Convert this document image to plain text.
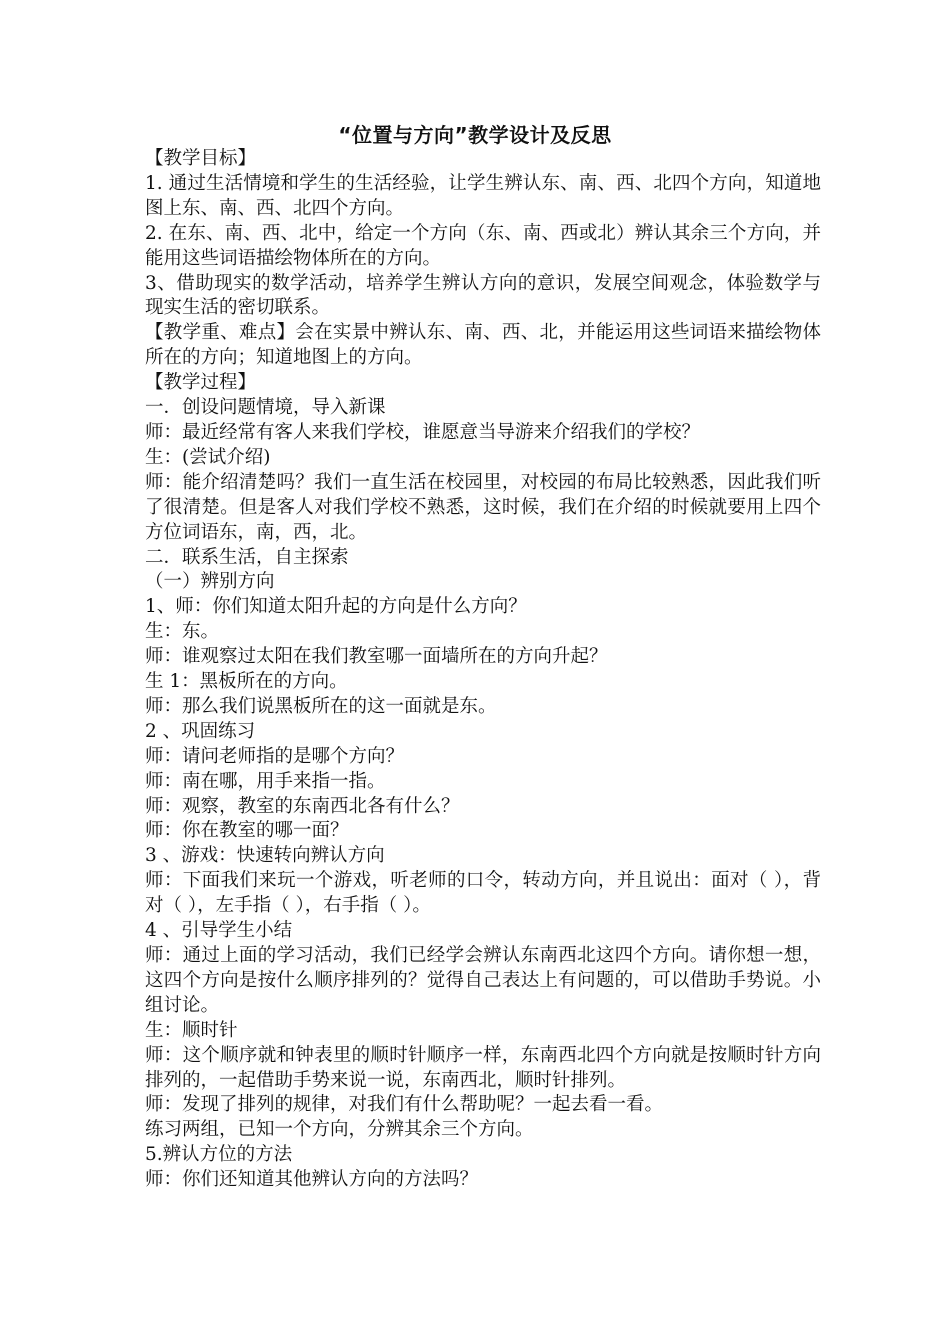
“位置与方向”教学设计及反思

【教学目标】

1. 通过生活情境和学生的生活经验，让学生辨认东、南、西、北四个方向，知道地图上东、南、西、北四个方向。

2. 在东、南、西、北中，给定一个方向（东、南、西或北）辨认其余三个方向，并能用这些词语描绘物体所在的方向。

3、借助现实的数学活动，培养学生辨认方向的意识，发展空间观念，体验数学与现实生活的密切联系。

【教学重、难点】会在实景中辨认东、南、西、北，并能运用这些词语来描绘物体所在的方向；知道地图上的方向。

【教学过程】

一．创设问题情境，导入新课

师：最近经常有客人来我们学校，谁愿意当导游来介绍我们的学校？

生：(尝试介绍)

师：能介绍清楚吗？我们一直生活在校园里，对校园的布局比较熟悉，因此我们听了很清楚。但是客人对我们学校不熟悉，这时候，我们在介绍的时候就要用上四个方位词语东，南，西，北。

二．联系生活，自主探索

（一）辨别方向

1、师：你们知道太阳升起的方向是什么方向？

生：东。

师：谁观察过太阳在我们教室哪一面墙所在的方向升起？

生 1：黑板所在的方向。

师：那么我们说黑板所在的这一面就是东。

2 、巩固练习

师：请问老师指的是哪个方向？

师：南在哪，用手来指一指。

师：观察，教室的东南西北各有什么？

师：你在教室的哪一面？

3 、游戏：快速转向辨认方向

师：下面我们来玩一个游戏，听老师的口令，转动方向，并且说出：面对（ ），背对（ ），左手指（ ），右手指（ ）。

4 、引导学生小结

师：通过上面的学习活动，我们已经学会辨认东南西北这四个方向。请你想一想，这四个方向是按什么顺序排列的？觉得自己表达上有问题的，可以借助手势说。小组讨论。

生：顺时针

师：这个顺序就和钟表里的顺时针顺序一样，东南西北四个方向就是按顺时针方向排列的，一起借助手势来说一说，东南西北，顺时针排列。

师：发现了排列的规律，对我们有什么帮助呢？一起去看一看。

练习两组，已知一个方向，分辨其余三个方向。

5.辨认方位的方法

师：你们还知道其他辨认方向的方法吗？
